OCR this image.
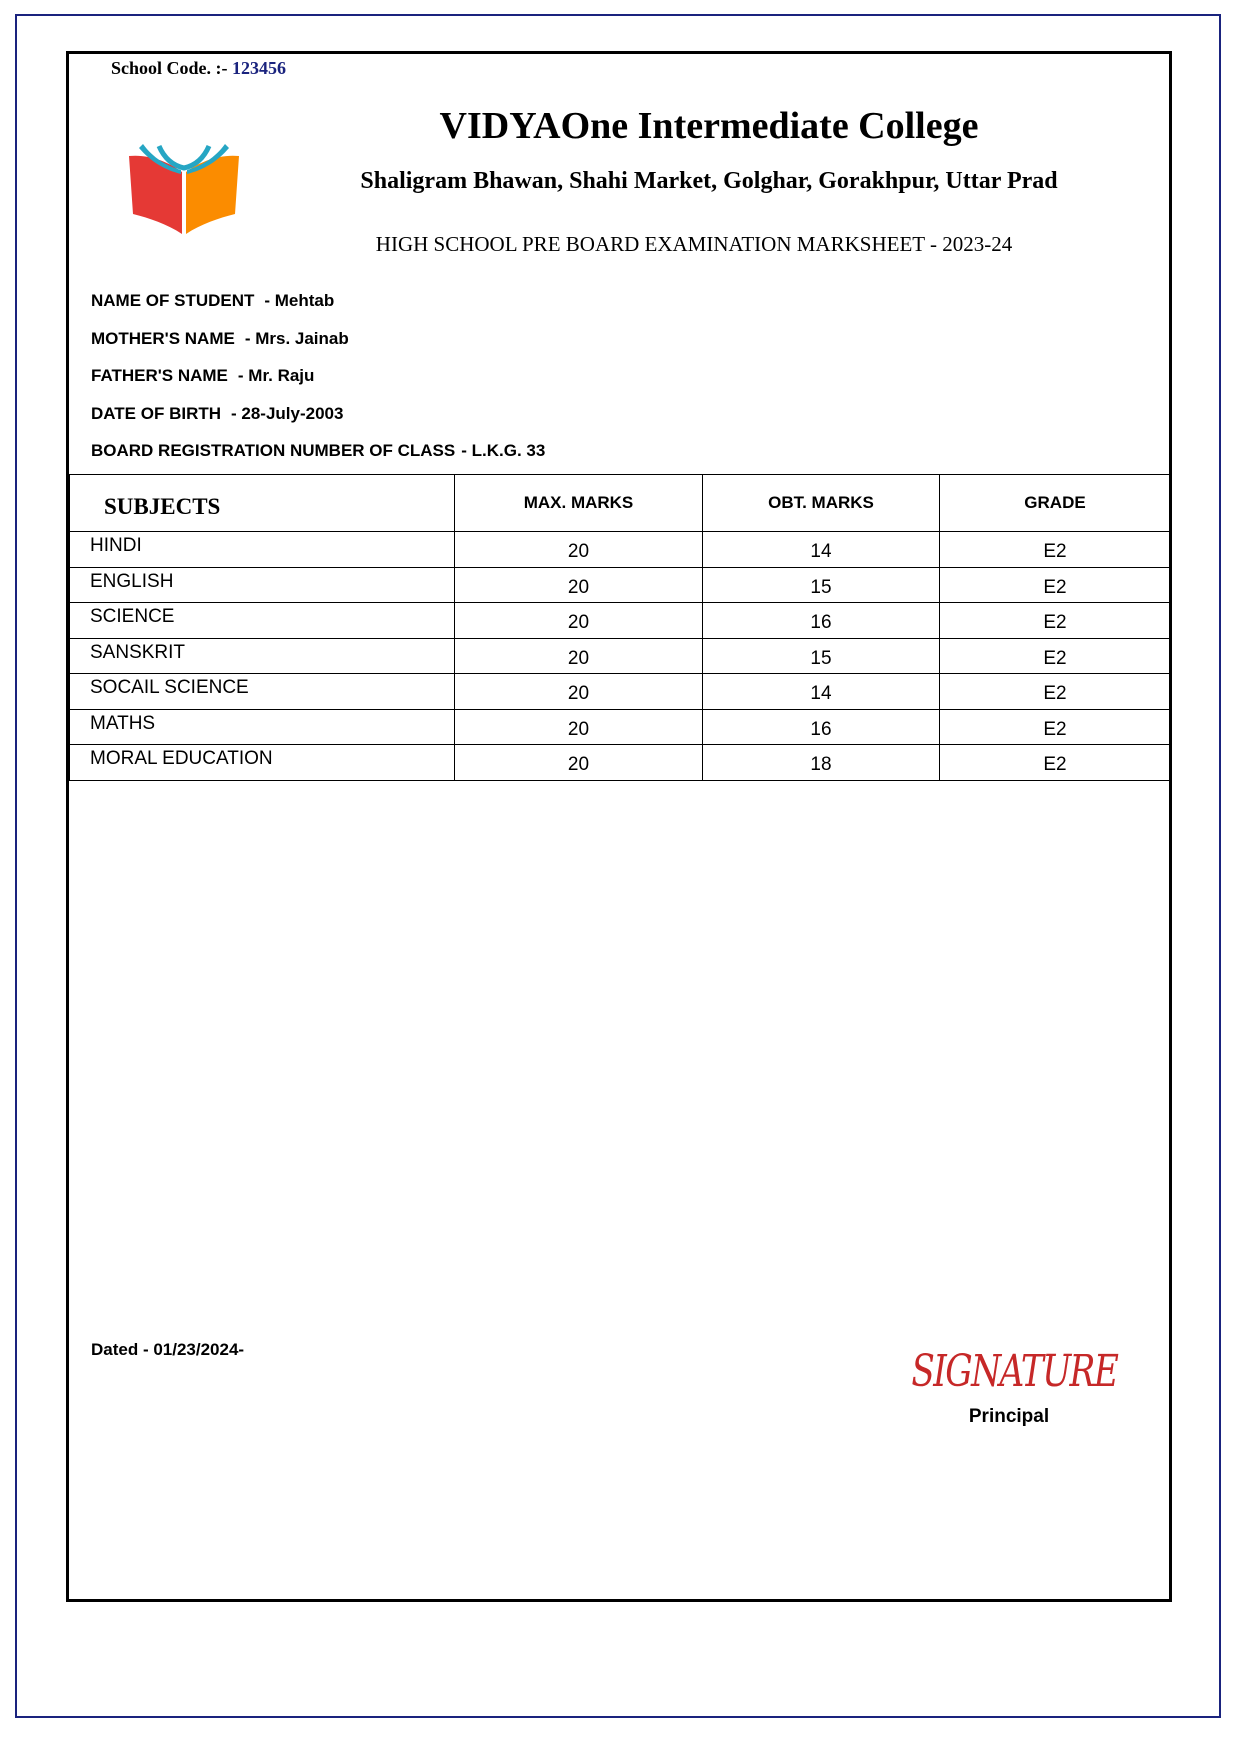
School Code. :- 123456
VIDYAOne Intermediate College
Shaligram Bhawan, Shahi Market, Golghar, Gorakhpur, Uttar Prad
HIGH SCHOOL PRE BOARD EXAMINATION MARKSHEET - 2023-24
NAME OF STUDENT - Mehtab
MOTHER'S NAME - Mrs. Jainab
FATHER'S NAME - Mr. Raju
DATE OF BIRTH - 28-July-2003
BOARD REGISTRATION NUMBER OF CLASS - L.K.G. 33
SUBJECTS	MAX. MARKS	OBT. MARKS	GRADE
HINDI	20	14	E2
ENGLISH	20	15	E2
SCIENCE	20	16	E2
SANSKRIT	20	15	E2
SOCAIL SCIENCE	20	14	E2
MATHS	20	16	E2
MORAL EDUCATION	20	18	E2
Dated - 01/23/2024-	SIGNATURE
Principal
